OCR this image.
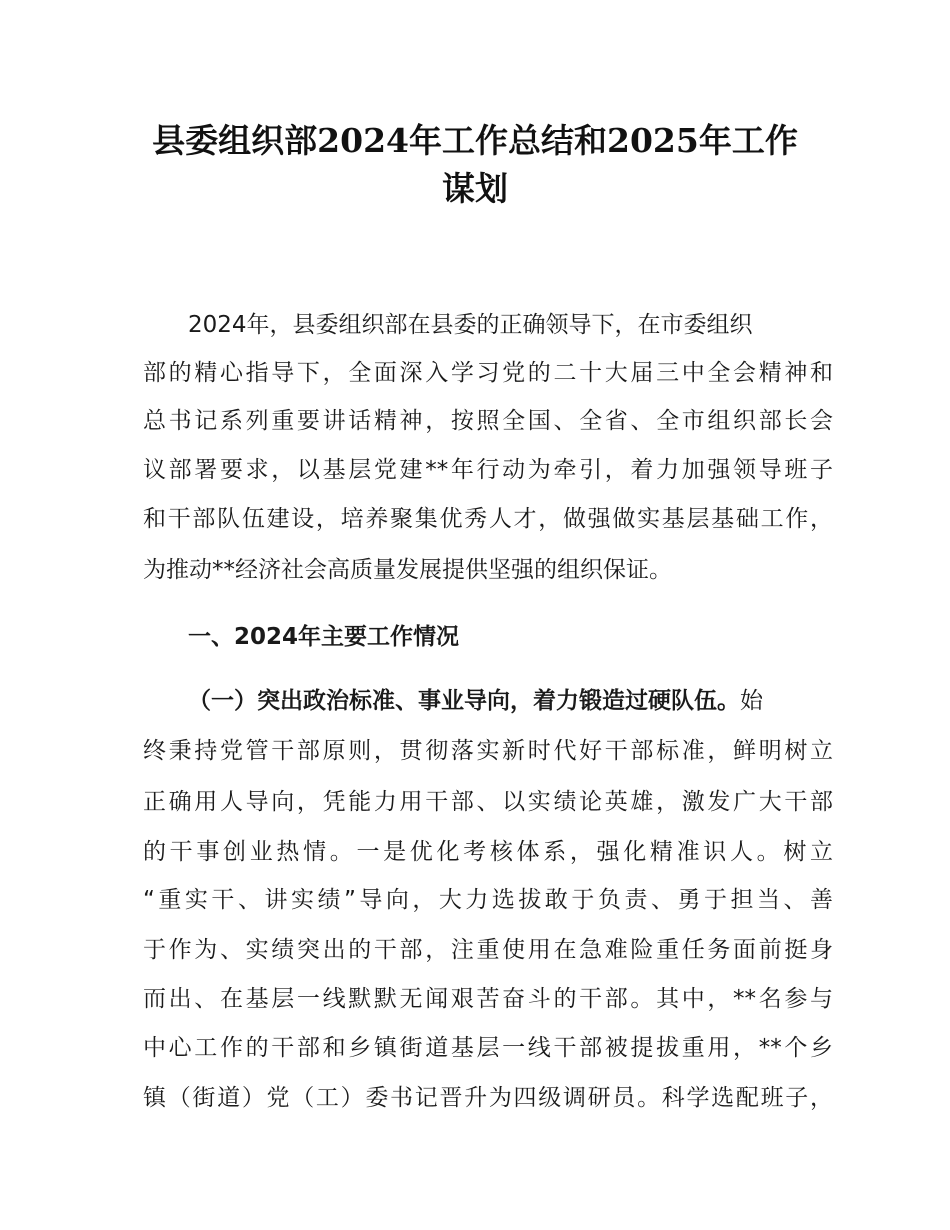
县委组织部2024年工作总结和2025年工作
谋划

2024年，县委组织部在县委的正确领导下，在市委组织

部的精心指导下，全面深入学习党的二十大届三中全会精神和

总书记系列重要讲话精神，按照全国、全省、全市组织部长会

议部署要求，以基层党建**年行动为牵引，着力加强领导班子

和干部队伍建设，培养聚集优秀人才，做强做实基层基础工作，

为推动**经济社会高质量发展提供坚强的组织保证。

一、2024年主要工作情况

（一）突出政治标准、事业导向，着力锻造过硬队伍。始

终秉持党管干部原则，贯彻落实新时代好干部标准，鲜明树立

正确用人导向，凭能力用干部、以实绩论英雄，激发广大干部

的干事创业热情。一是优化考核体系，强化精准识人。树立

“重实干、讲实绩”导向，大力选拔敢于负责、勇于担当、善

于作为、实绩突出的干部，注重使用在急难险重任务面前挺身

而出、在基层一线默默无闻艰苦奋斗的干部。其中，**名参与

中心工作的干部和乡镇街道基层一线干部被提拔重用，**个乡

镇（街道）党（工）委书记晋升为四级调研员。科学选配班子，
